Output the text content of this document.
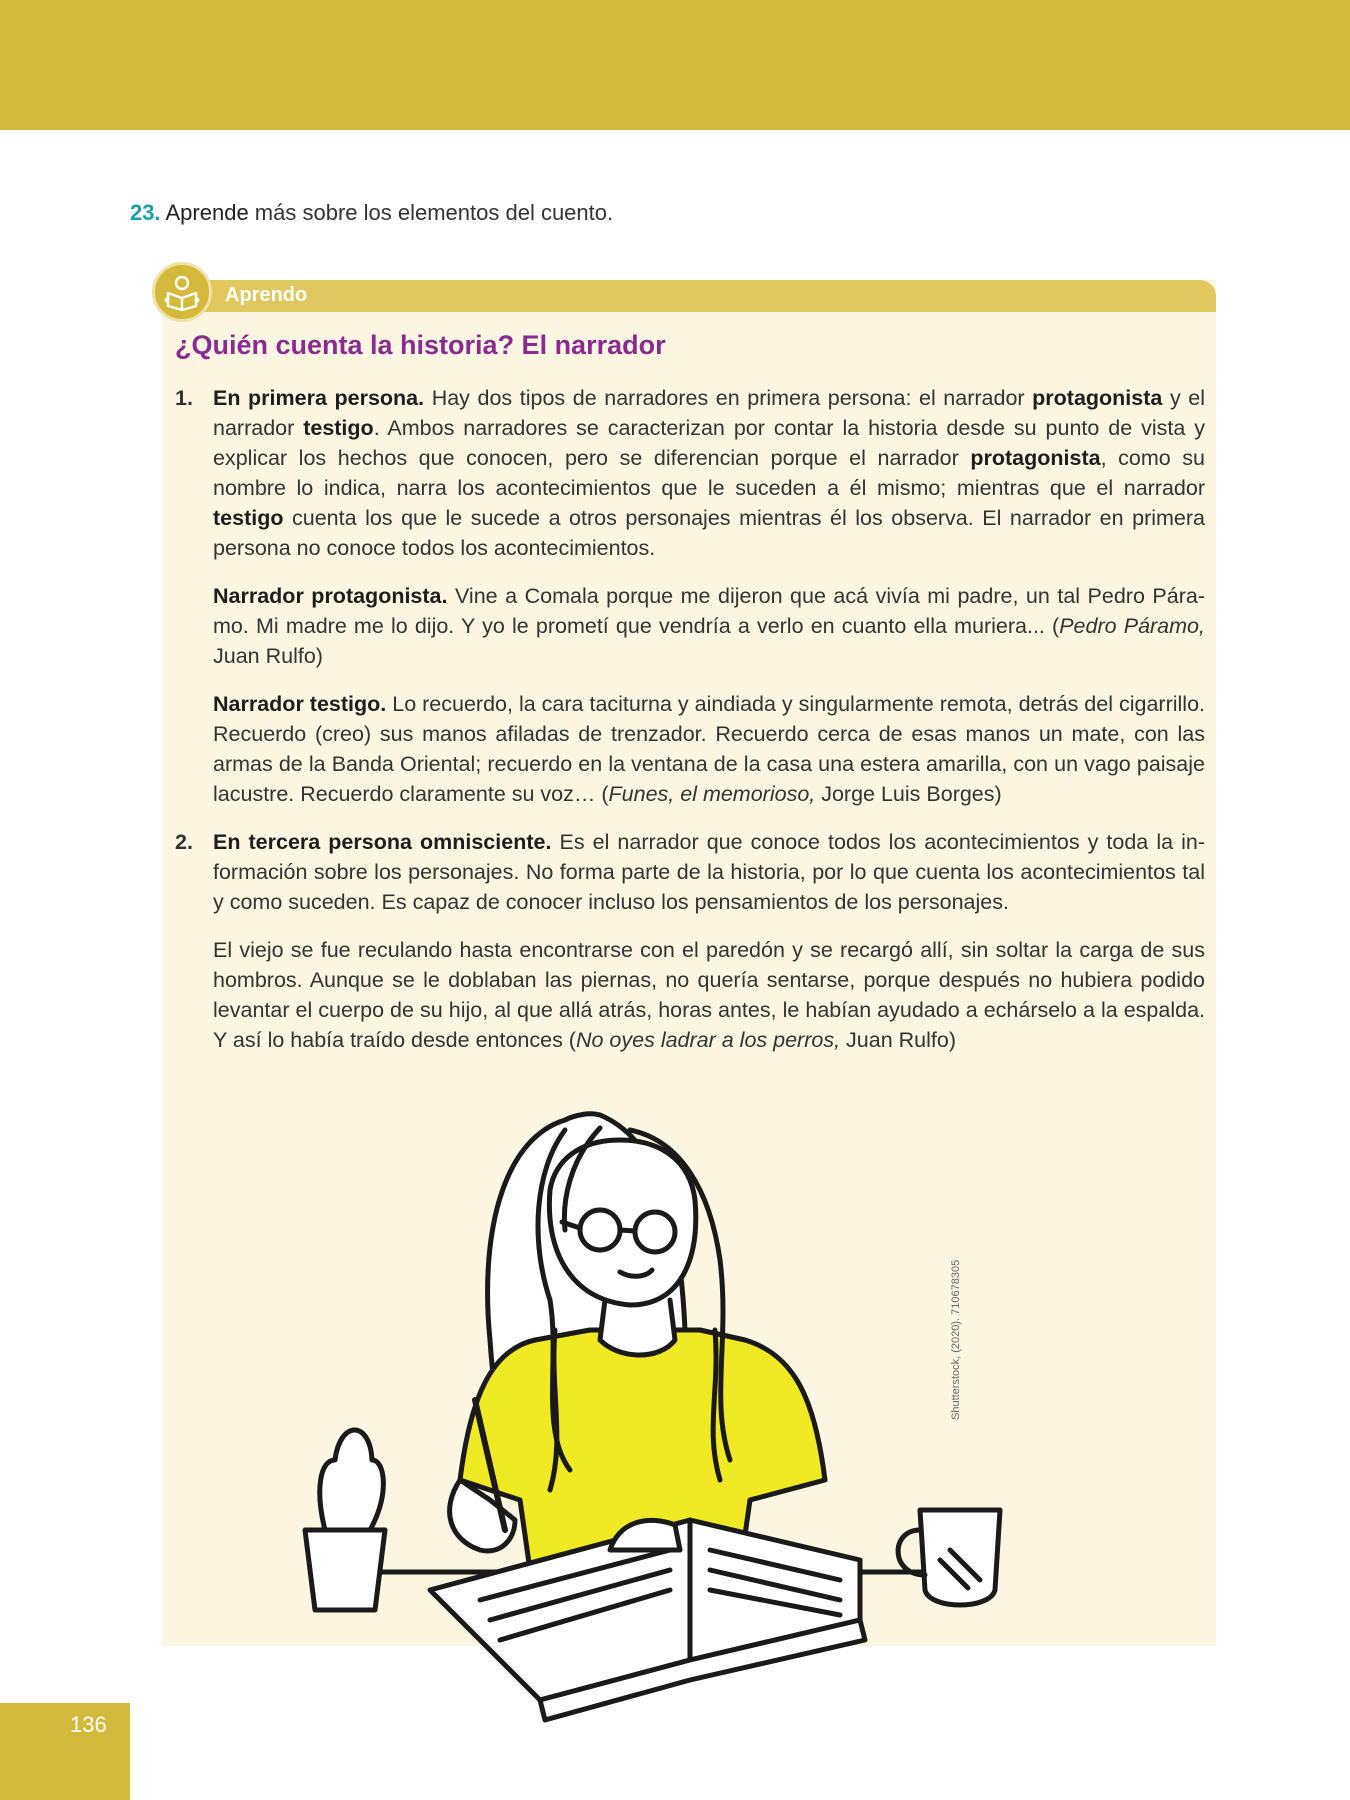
23. Aprende más sobre los elementos del cuento.
Aprendo
¿Quién cuenta la historia? El narrador
1. En primera persona. Hay dos tipos de narradores en primera persona: el narrador protagonista y el narrador testigo. Ambos narradores se caracterizan por contar la historia desde su punto de vista y explicar los hechos que conocen, pero se diferencian porque el narrador protagonista, como su nombre lo indica, narra los acontecimientos que le suceden a él mismo; mientras que el narrador testigo cuenta los que le sucede a otros personajes mientras él los observa. El narrador en primera persona no conoce todos los acontecimientos.

Narrador protagonista. Vine a Comala porque me dijeron que acá vivía mi padre, un tal Pedro Pára-mo. Mi madre me lo dijo. Y yo le prometí que vendría a verlo en cuanto ella muriera... (Pedro Páramo, Juan Rulfo)

Narrador testigo. Lo recuerdo, la cara taciturna y aindiada y singularmente remota, detrás del cigarrillo. Recuerdo (creo) sus manos afiladas de trenzador. Recuerdo cerca de esas manos un mate, con las armas de la Banda Oriental; recuerdo en la ventana de la casa una estera amarilla, con un vago paisaje lacustre. Recuerdo claramente su voz… (Funes, el memorioso, Jorge Luis Borges)

2. En tercera persona omnisciente. Es el narrador que conoce todos los acontecimientos y toda la in-formación sobre los personajes. No forma parte de la historia, por lo que cuenta los acontecimientos tal y como suceden. Es capaz de conocer incluso los pensamientos de los personajes.

El viejo se fue reculando hasta encontrarse con el paredón y se recargó allí, sin soltar la carga de sus hombros. Aunque se le doblaban las piernas, no quería sentarse, porque después no hubiera podido levantar el cuerpo de su hijo, al que allá atrás, horas antes, le habían ayudado a echárselo a la espalda. Y así lo había traído desde entonces (No oyes ladrar a los perros, Juan Rulfo)

Shutterstock, (2020). 710678305
136
